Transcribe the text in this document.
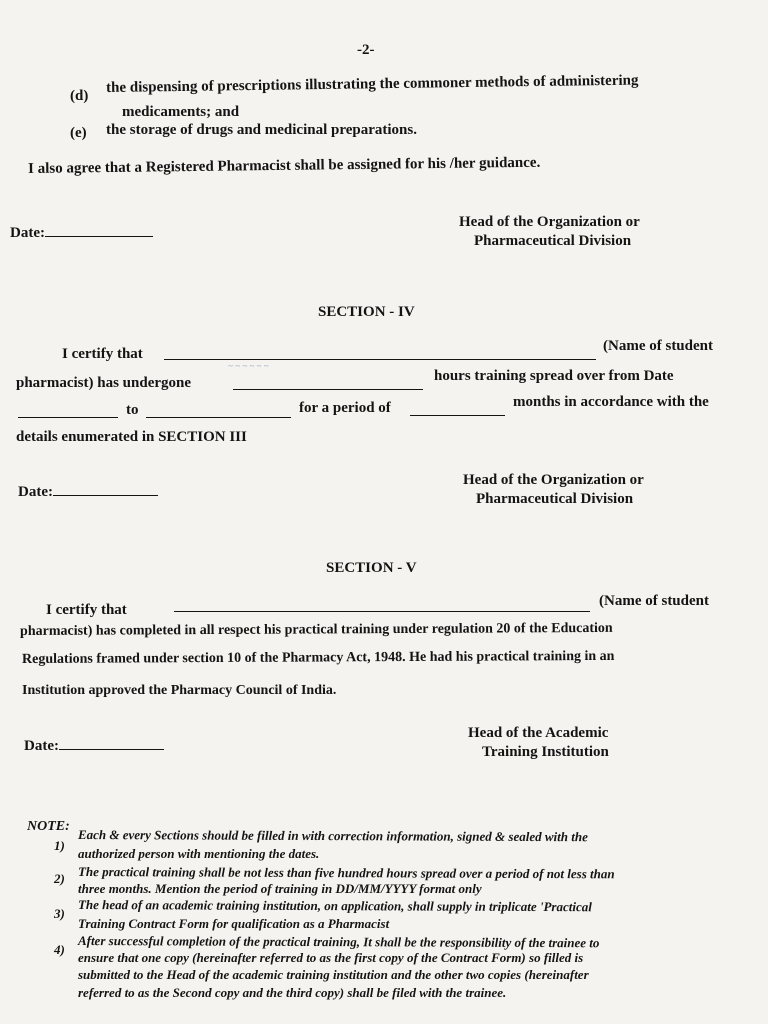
-2-
(d)
the dispensing of prescriptions illustrating the commoner methods of administering
medicaments; and
(e) the storage of drugs and medicinal preparations.
I also agree that a Registered Pharmacist shall be assigned for his /her guidance.
Date:
Head of the Organization or
Pharmaceutical Division
SECTION - IV
I certify that
~ ~ ~ ~ ~ ~
(Name of student
pharmacist) has undergone	hours training spread over from Date
to	for a period of	months in accordance with the
details enumerated in SECTION III
Date:
Head of the Organization or
Pharmaceutical Division
SECTION - V
I certify that
(Name of student
pharmacist) has completed in all respect his practical training under regulation 20 of the Education
Regulations framed under section 10 of the Pharmacy Act, 1948. He had his practical training in an
Institution approved the Pharmacy Council of India.
Date:
Head of the Academic
Training Institution
NOTE:
1)
Each & every Sections should be filled in with correction information, signed & sealed with the
authorized person with mentioning the dates.
2) The practical training shall be not less than five hundred hours spread over a period of not less than
three months. Mention the period of training in DD/MM/YYYY format only
3) The head of an academic training institution, on application, shall supply in triplicate 'Practical
Training Contract Form for qualification as a Pharmacist
4) After successful completion of the practical training, It shall be the responsibility of the trainee to
ensure that one copy (hereinafter referred to as the first copy of the Contract Form) so filled is
submitted to the Head of the academic training institution and the other two copies (hereinafter
referred to as the Second copy and the third copy) shall be filed with the trainee.
